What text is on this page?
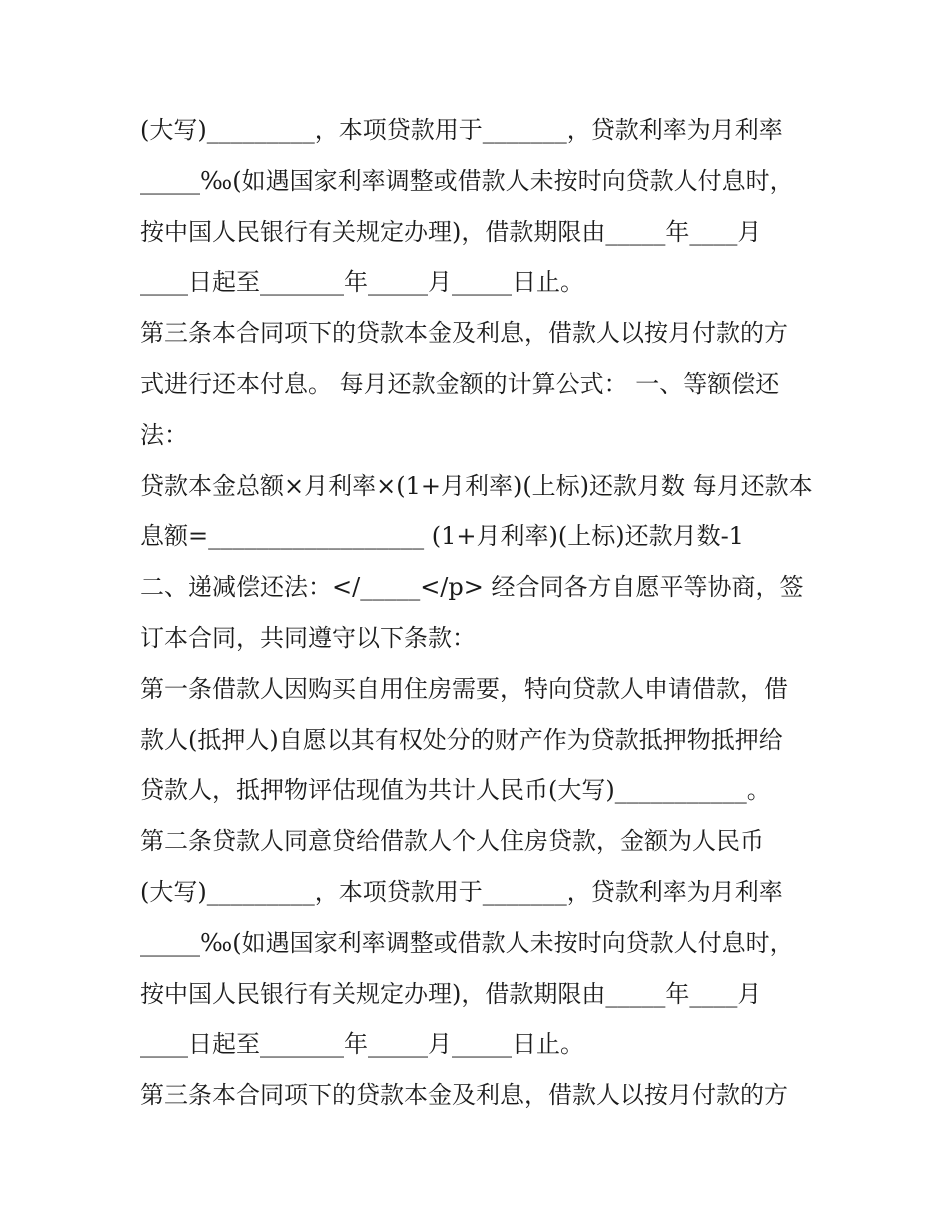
(大写)_________，本项贷款用于_______，贷款利率为月利率
_____‰(如遇国家利率调整或借款人未按时向贷款人付息时，
按中国人民银行有关规定办理)，借款期限由_____年____月
____日起至_______年_____月_____日止。
第三条本合同项下的贷款本金及利息，借款人以按月付款的方
式进行还本付息。 每月还款金额的计算公式： 一、等额偿还
法：
贷款本金总额×月利率×(1+月利率)(上标)还款月数 每月还款本
息额=__________________ (1+月利率)(上标)还款月数-1
二、递减偿还法：</_____</p> 经合同各方自愿平等协商，签
订本合同，共同遵守以下条款：
第一条借款人因购买自用住房需要，特向贷款人申请借款，借
款人(抵押人)自愿以其有权处分的财产作为贷款抵押物抵押给
贷款人，抵押物评估现值为共计人民币(大写)___________。
第二条贷款人同意贷给借款人个人住房贷款，金额为人民币
(大写)_________，本项贷款用于_______，贷款利率为月利率
_____‰(如遇国家利率调整或借款人未按时向贷款人付息时，
按中国人民银行有关规定办理)，借款期限由_____年____月
____日起至_______年_____月_____日止。
第三条本合同项下的贷款本金及利息，借款人以按月付款的方
